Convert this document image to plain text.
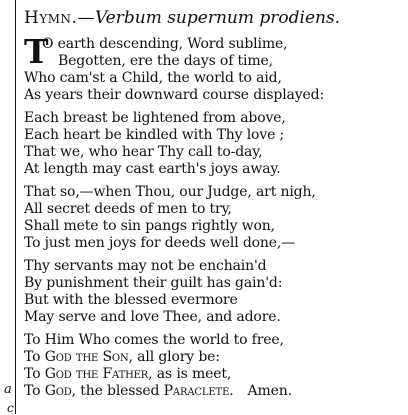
a
c
Hymn.—Verbum supernum prodiens.
T
O earth descending, Word sublime,
Begotten, ere the days of time,
Who cam'st a Child, the world to aid,
As years their downward course displayed:
Each breast be lightened from above,
Each heart be kindled with Thy love ;
That we, who hear Thy call to-day,
At length may cast earth's joys away.
That so,—when Thou, our Judge, art nigh,
All secret deeds of men to try,
Shall mete to sin pangs rightly won,
To just men joys for deeds well done,—
Thy servants may not be enchain'd
By punishment their guilt has gain'd:
But with the blessed evermore
May serve and love Thee, and adore.
To Him Who comes the world to free,
To God the Son, all glory be:
To God the Father, as is meet,
To God, the blessed Paraclete. Amen.
